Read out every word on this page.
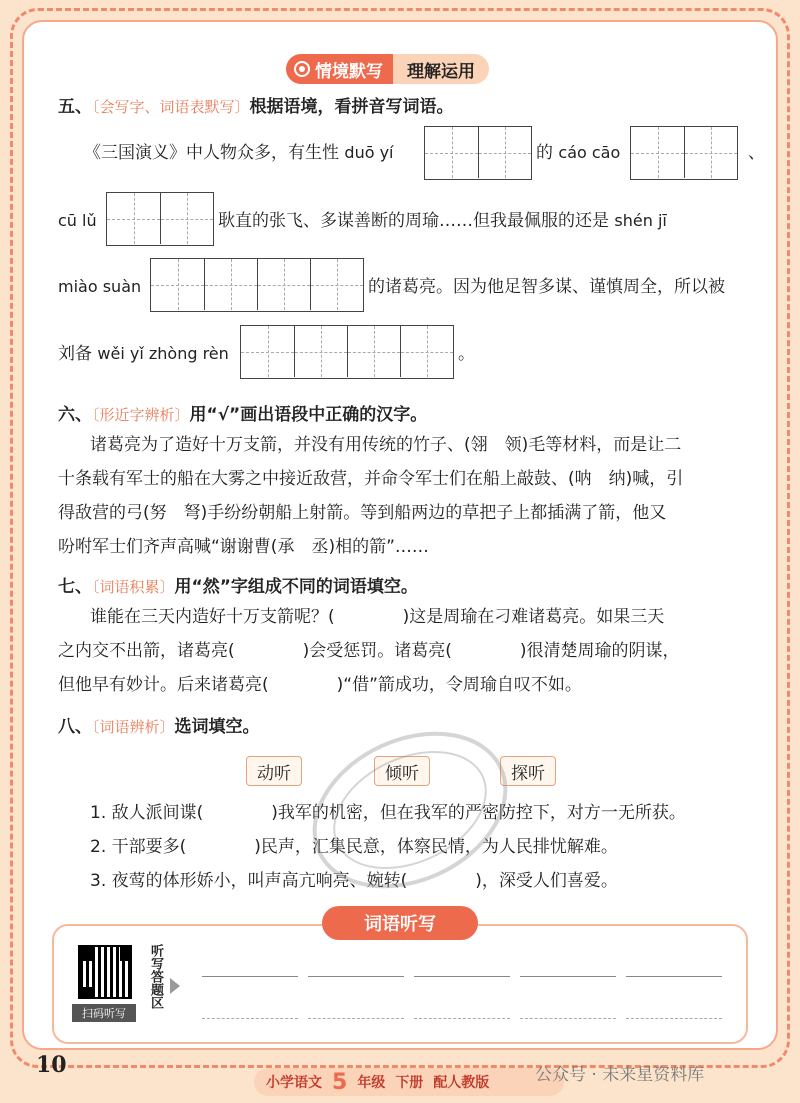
情境默写	理解运用
五、〔会写字、词语表默写〕根据语境，看拼音写词语。
《三国演义》中人物众多，有生性 duō yí	的 cáo cāo	、
cū lǔ	耿直的张飞、多谋善断的周瑜……但我最佩服的还是 shén jī
miào suàn	的诸葛亮。因为他足智多谋、谨慎周全，所以被
刘备 wěi yǐ zhòng rèn	。
六、〔形近字辨析〕用“√”画出语段中正确的汉字。
诸葛亮为了造好十万支箭，并没有用传统的竹子、(翎　领)毛等材料，而是让二
十条载有军士的船在大雾之中接近敌营，并命令军士们在船上敲鼓、(呐　纳)喊，引
得敌营的弓(努　弩)手纷纷朝船上射箭。等到船两边的草把子上都插满了箭，他又
吩咐军士们齐声高喊“谢谢曹(承　丞)相的箭”……
七、〔词语积累〕用“然”字组成不同的词语填空。
谁能在三天内造好十万支箭呢？(　　　　)这是周瑜在刁难诸葛亮。如果三天
之内交不出箭，诸葛亮(　　　　)会受惩罚。诸葛亮(　　　　)很清楚周瑜的阴谋，
但他早有妙计。后来诸葛亮(　　　　)“借”箭成功，令周瑜自叹不如。
八、〔词语辨析〕选词填空。
动听	倾听	探听
1. 敌人派间谍(　　　　)我军的机密，但在我军的严密防控下，对方一无所获。
2. 干部要多(　　　　)民声，汇集民意，体察民情，为人民排忧解难。
3. 夜莺的体形娇小，叫声高亢响亮、婉转(　　　　)，深受人们喜爱。
词语听写
扫码听写
听写答题区
10
小学语文 5 年级 下册 配人教版	公众号 · 未来星资料库
